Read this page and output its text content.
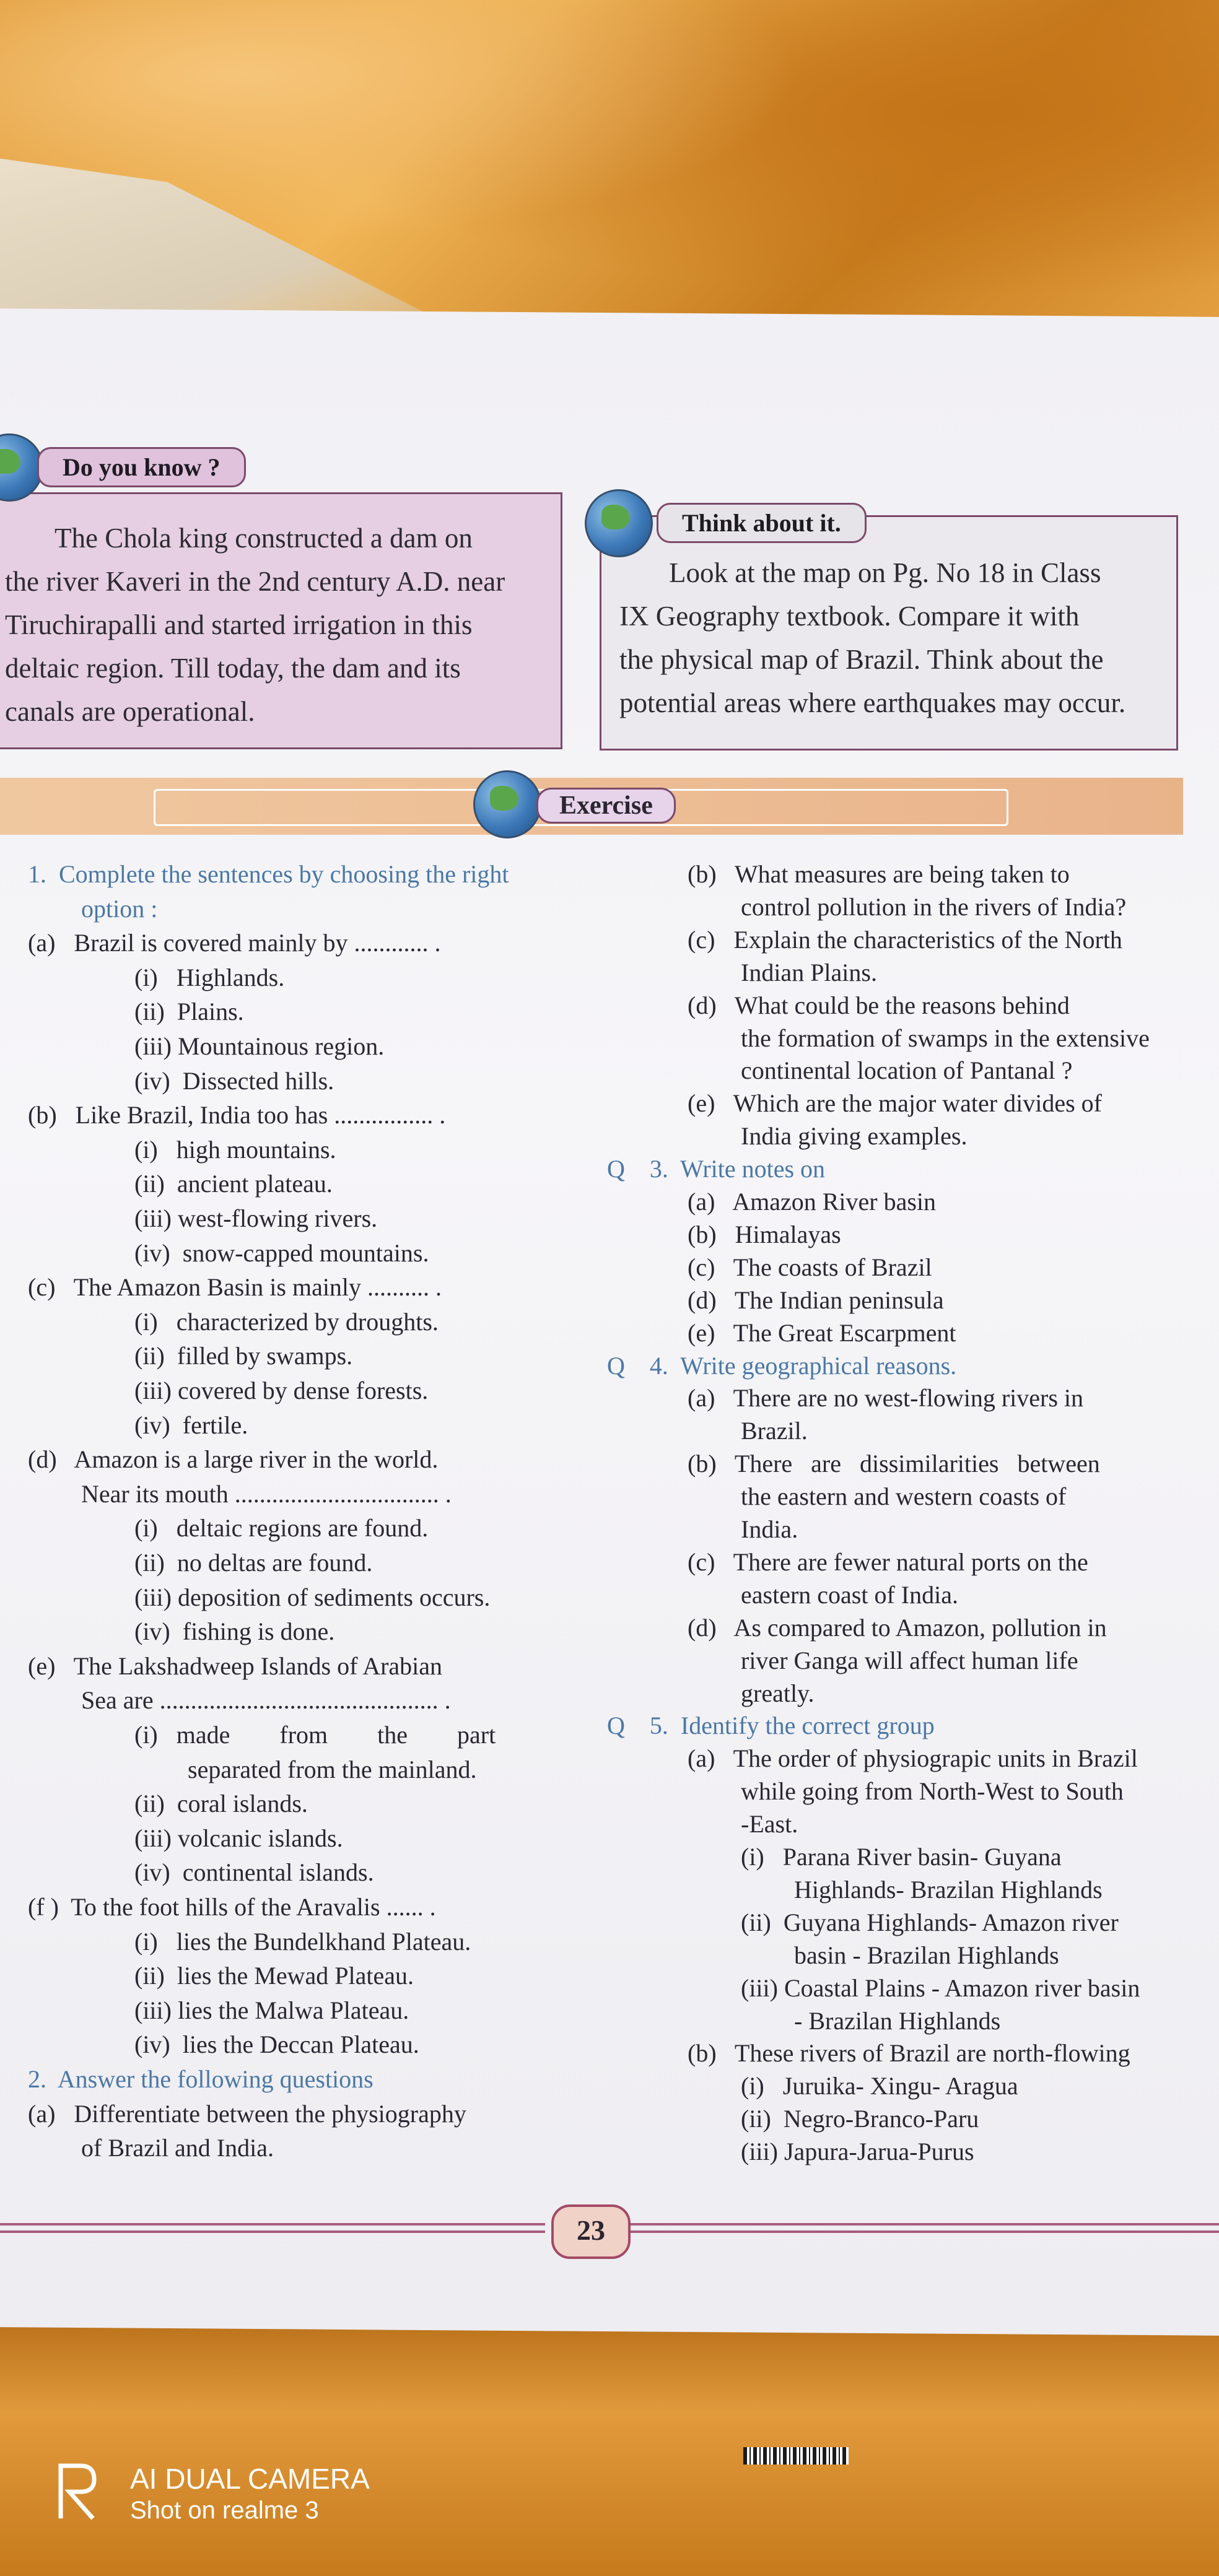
Do you know ?
The Chola king constructed a dam on
the river Kaveri in the 2nd century A.D. near
Tiruchirapalli and started irrigation in this
deltaic region. Till today, the dam and its
canals are operational.
Think about it.
Look at the map on Pg. No 18 in Class
IX Geography textbook. Compare it with
the physical map of Brazil. Think about the
potential areas where earthquakes may occur.
Exercise
1.  Complete the sentences by choosing the right
option :
(a)   Brazil is covered mainly by ............ .
(i)   Highlands.
(ii)  Plains.
(iii) Mountainous region.
(iv)  Dissected hills.
(b)   Like Brazil, India too has ................ .
(i)   high mountains.
(ii)  ancient plateau.
(iii) west-flowing rivers.
(iv)  snow-capped mountains.
(c)   The Amazon Basin is mainly .......... .
(i)   characterized by droughts.
(ii)  filled by swamps.
(iii) covered by dense forests.
(iv)  fertile.
(d)   Amazon is a large river in the world.
Near its mouth ................................. .
(i)   deltaic regions are found.
(ii)  no deltas are found.
(iii) deposition of sediments occurs.
(iv)  fishing is done.
(e)   The Lakshadweep Islands of Arabian
Sea are ............................................. .
(i)   made        from        the        part
separated from the mainland.
(ii)  coral islands.
(iii) volcanic islands.
(iv)  continental islands.
(f )  To the foot hills of the Aravalis ...... .
(i)   lies the Bundelkhand Plateau.
(ii)  lies the Mewad Plateau.
(iii) lies the Malwa Plateau.
(iv)  lies the Deccan Plateau.
2.  Answer the following questions
(a)   Differentiate between the physiography
of Brazil and India.
(b)   What measures are being taken to
control pollution in the rivers of India?
(c)   Explain the characteristics of the North
Indian Plains.
(d)   What could be the reasons behind
the formation of swamps in the extensive
continental location of Pantanal ?
(e)   Which are the major water divides of
India giving examples.
Q    3.  Write notes on
(a)   Amazon River basin
(b)   Himalayas
(c)   The coasts of Brazil
(d)   The Indian peninsula
(e)   The Great Escarpment
Q    4.  Write geographical reasons.
(a)   There are no west-flowing rivers in
Brazil.
(b)   There   are   dissimilarities   between
the eastern and western coasts of
India.
(c)   There are fewer natural ports on the
eastern coast of India.
(d)   As compared to Amazon, pollution in
river Ganga will affect human life
greatly.
Q    5.  Identify the correct group
(a)   The order of physiograpic units in Brazil
while going from North-West to South
-East.
(i)   Parana River basin- Guyana
Highlands- Brazilan Highlands
(ii)  Guyana Highlands- Amazon river
basin - Brazilan Highlands
(iii) Coastal Plains - Amazon river basin
- Brazilan Highlands
(b)   These rivers of Brazil are north-flowing
(i)   Juruika- Xingu- Aragua
(ii)  Negro-Branco-Paru
(iii) Japura-Jarua-Purus
23
AI DUAL CAMERA
Shot on realme 3
